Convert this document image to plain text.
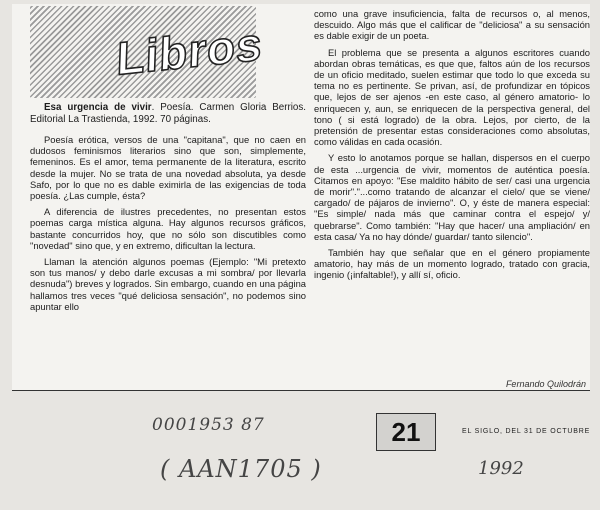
Libros

Esa urgencia de vivir. Poesía. Carmen Gloria Berrios. Editorial La Trastienda, 1992. 70 páginas.

Poesía erótica, versos de una "capitana", que no caen en dudosos feminismos literarios sino que son, simplemente, femeninos. Es el amor, tema permanente de la literatura, escrito desde la mujer. No se trata de una novedad absoluta, ya desde Safo, por lo que no es dable eximirla de las exigencias de toda poesía. ¿Las cumple, ésta?

A diferencia de ilustres precedentes, no presentan estos poemas carga mística alguna. Hay algunos recursos gráficos, bastante concurridos hoy, que no sólo son discutibles como "novedad" sino que, y en extremo, dificultan la lectura.

Llaman la atención algunos poemas (Ejemplo: "Mi pretexto son tus manos/ y debo darle excusas a mi sombra/ por llevarla desnuda") breves y logrados. Sin embargo, cuando en una página hallamos tres veces "qué deliciosa sensación", no podemos sino apuntar ello

como una grave insuficiencia, falta de recursos o, al menos, descuido. Algo más que el calificar de "deliciosa" a su sensación es dable exigir de un poeta.

El problema que se presenta a algunos escritores cuando abordan obras temáticas, es que que, faltos aún de los recursos de un oficio meditado, suelen estimar que todo lo que exceda su tema no es pertinente. Se privan, así, de profundizar en tópicos que, lejos de ser ajenos -en este caso, al género amatorio- lo enriquecen y, aun, se enriquecen de la perspectiva general, del tono ( si está logrado) de la obra. Lejos, por cierto, de la pretensión de presentar estas consideraciones como absolutas, como válidas en cada ocasión.

Y esto lo anotamos porque se hallan, dispersos en el cuerpo de esta ...urgencia de vivir, momentos de auténtica poesía. Citamos en apoyo: "Ese maldito hábito de ser/ casi una urgencia de morir"."...como tratando de alcanzar el cielo/ que se viene/ cargado/ de pájaros de invierno". O, y éste de manera especial: "Es simple/ nada más que caminar contra el espejo/ y/ quebrarse". Como también: "Hay que hacer/ una ampliación/ en esta casa/ Ya no hay dónde/ guardar/ tanto silencio".

También hay que señalar que en el género propiamente amatorio, hay más de un momento logrado, tratado con gracia, ingenio (¡infaltable!), y allí sí, oficio.

Fernando Quilodrán
0001953 87
( AAN1705 )
21	EL SIGLO, DEL 31 DE OCTUBRE
1992
